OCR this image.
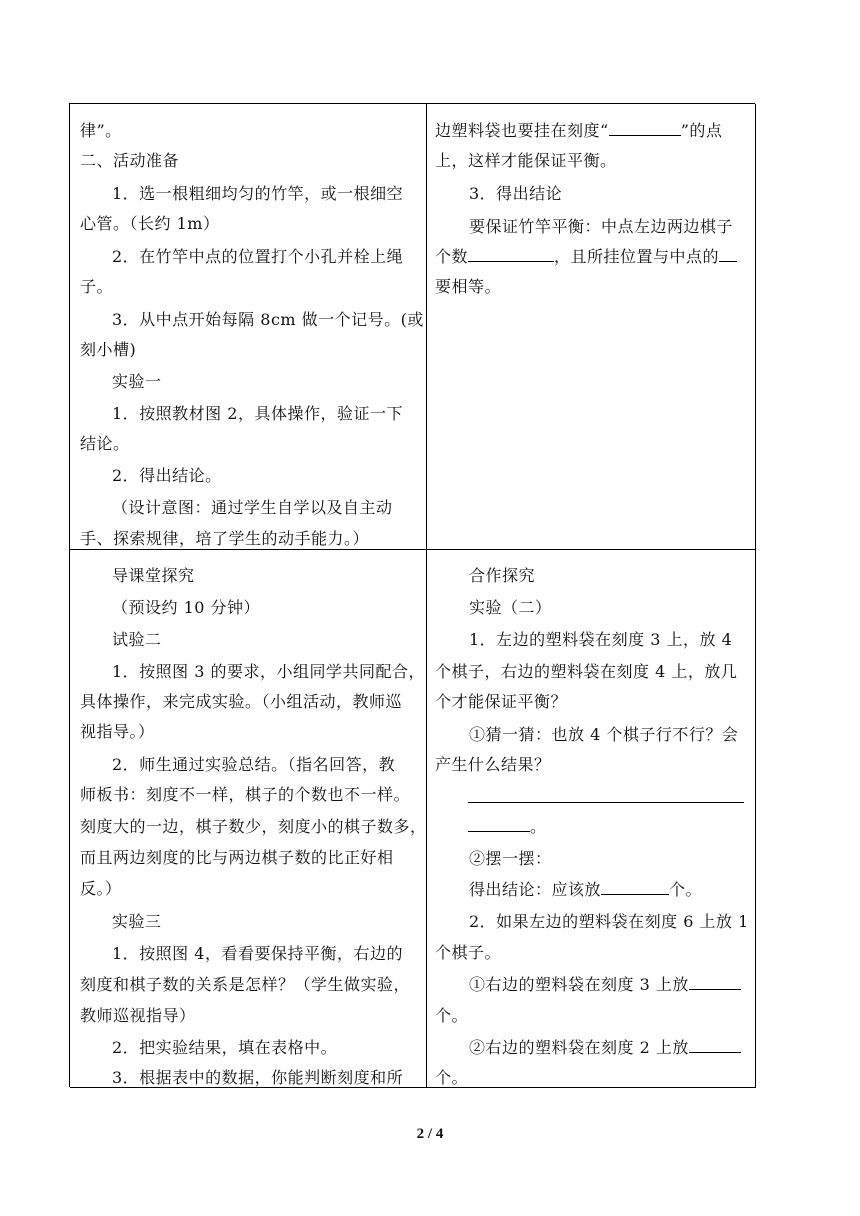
律”。
二、活动准备
1．选一根粗细均匀的竹竿，或一根细空
心管。（长约 1m）
2．在竹竿中点的位置打个小孔并栓上绳
子。
3．从中点开始每隔 8cm 做一个记号。(或
刻小槽)
实验一
1．按照教材图 2，具体操作，验证一下
结论。
2．得出结论。
（设计意图：通过学生自学以及自主动
手、探索规律，培了学生的动手能力。）
边塑料袋也要挂在刻度“	”的点
上，这样才能保证平衡。
3．得出结论
要保证竹竿平衡：中点左边两边棋子
个数	，且所挂位置与中点的
要相等。
导课堂探究
（预设约 10 分钟）
试验二
1．按照图 3 的要求，小组同学共同配合，
具体操作，来完成实验。（小组活动，教师巡
视指导。）
2．师生通过实验总结。（指名回答，教
师板书：刻度不一样，棋子的个数也不一样。
刻度大的一边，棋子数少，刻度小的棋子数多，
而且两边刻度的比与两边棋子数的比正好相
反。）
实验三
1．按照图 4，看看要保持平衡，右边的
刻度和棋子数的关系是怎样？（学生做实验，
教师巡视指导）
2．把实验结果，填在表格中。
3．根据表中的数据，你能判断刻度和所
合作探究
实验（二）
1．左边的塑料袋在刻度 3 上，放 4
个棋子，右边的塑料袋在刻度 4 上，放几
个才能保证平衡？
①猜一猜：也放 4 个棋子行不行？会
产生什么结果？
。
②摆一摆：
得出结论：应该放	个。
2．如果左边的塑料袋在刻度 6 上放 1
个棋子。
①右边的塑料袋在刻度 3 上放
个。
②右边的塑料袋在刻度 2 上放
个。
2 / 4
